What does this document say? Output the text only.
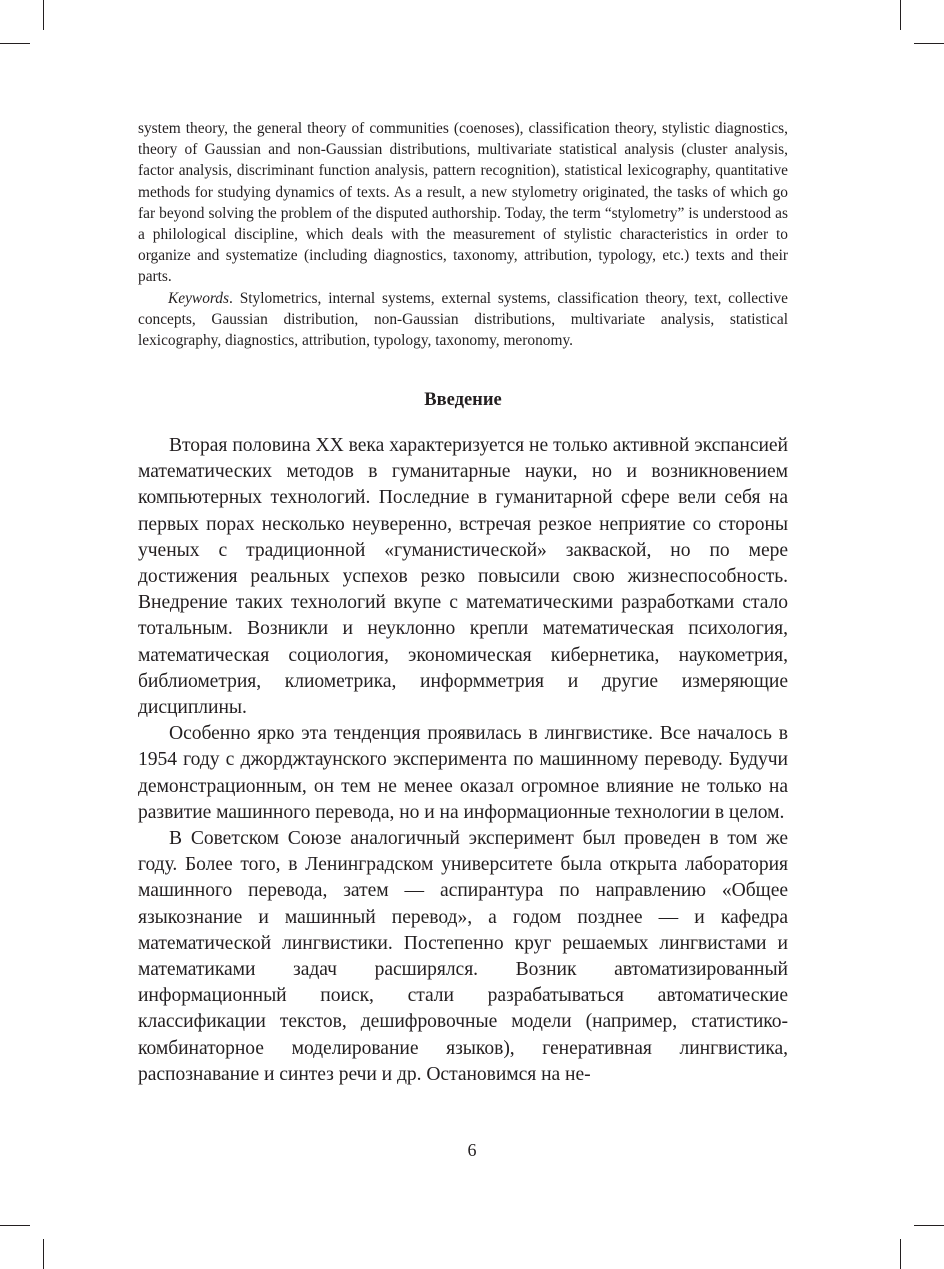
system theory, the general theory of communities (coenoses), classification theory, stylistic diagnostics, theory of Gaussian and non-Gaussian distributions, multivariate statistical analysis (cluster analysis, factor analysis, discriminant function analysis, pattern recognition), statistical lexicography, quantitative methods for studying dynamics of texts. As a result, a new stylometry originated, the tasks of which go far beyond solving the problem of the disputed authorship. Today, the term “stylometry” is understood as a philological discipline, which deals with the measurement of stylistic characteristics in order to organize and systematize (including diagnostics, taxonomy, attribution, typology, etc.) texts and their parts.

Keywords. Stylometrics, internal systems, external systems, classification theory, text, collective concepts, Gaussian distribution, non-Gaussian distributions, multivariate analysis, statistical lexicography, diagnostics, attribution, typology, taxonomy, meronomy.

Введение

Вторая половина XX века характеризуется не только активной экспансией математических методов в гуманитарные науки, но и возникновением компьютерных технологий. Последние в гуманитарной сфере вели себя на первых порах несколько неуверенно, встречая резкое неприятие со стороны ученых с традиционной «гуманистической» закваской, но по мере достижения реальных успехов резко повысили свою жизнеспособность. Внедрение таких технологий вкупе с математическими разработками стало тотальным. Возникли и неуклонно крепли математическая психология, математическая социология, экономическая кибернетика, наукометрия, библиометрия, клиометрика, информметрия и другие измеряющие дисциплины.

Особенно ярко эта тенденция проявилась в лингвистике. Все началось в 1954 году с джорджтаунского эксперимента по машинному переводу. Будучи демонстрационным, он тем не менее оказал огромное влияние не только на развитие машинного перевода, но и на информационные технологии в целом.

В Советском Союзе аналогичный эксперимент был проведен в том же году. Более того, в Ленинградском университете была открыта лаборатория машинного перевода, затем — аспирантура по направлению «Общее языкознание и машинный перевод», а годом позднее — и кафедра математической лингвистики. Постепенно круг решаемых лингвистами и математиками задач расширялся. Возник автоматизированный информационный поиск, стали разрабатываться автоматические классификации текстов, дешифровочные модели (например, статистико-комбинаторное моделирование языков), генеративная лингвистика, распознавание и синтез речи и др. Остановимся на не-

6
